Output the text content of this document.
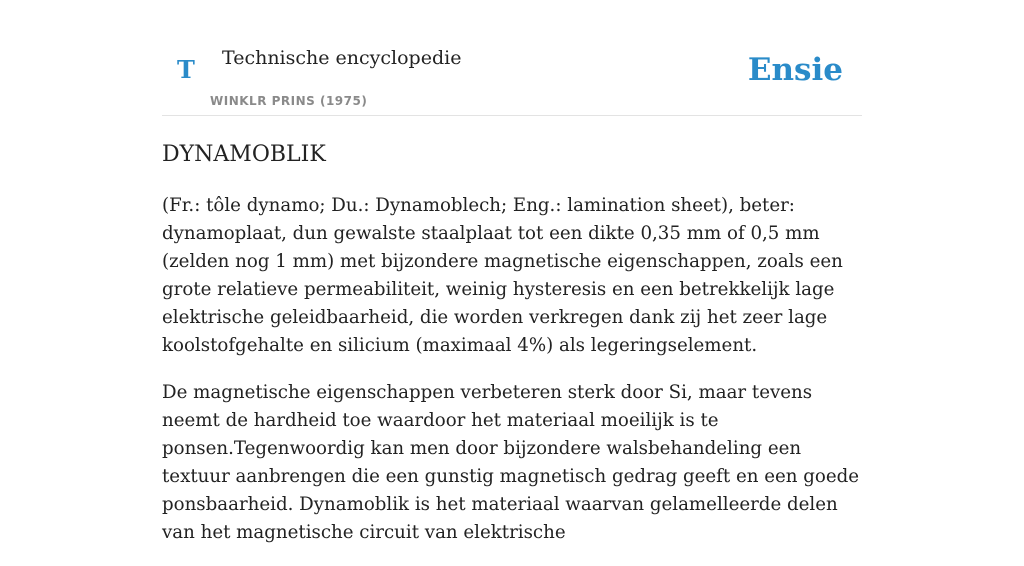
T Technische encyclopedie
WINKLR PRINS (1975)
Ensie
DYNAMOBLIK

(Fr.: tôle dynamo; Du.: Dynamoblech; Eng.: lamination sheet), beter: dynamoplaat, dun gewalste staalplaat tot een dikte 0,35 mm of 0,5 mm (zelden nog 1 mm) met bijzondere magnetische eigenschappen, zoals een grote relatieve permeabiliteit, weinig hysteresis en een betrekkelijk lage elektrische geleidbaarheid, die worden verkregen dank zij het zeer lage koolstofgehalte en silicium (maximaal 4%) als legeringselement.

De magnetische eigenschappen verbeteren sterk door Si, maar tevens neemt de hardheid toe waardoor het materiaal moeilijk is te ponsen.Tegenwoordig kan men door bijzondere walsbehandeling een textuur aanbrengen die een gunstig magnetisch gedrag geeft en een goede ponsbaarheid. Dynamoblik is het materiaal waarvan gelamelleerde delen van het magnetische circuit van elektrische
